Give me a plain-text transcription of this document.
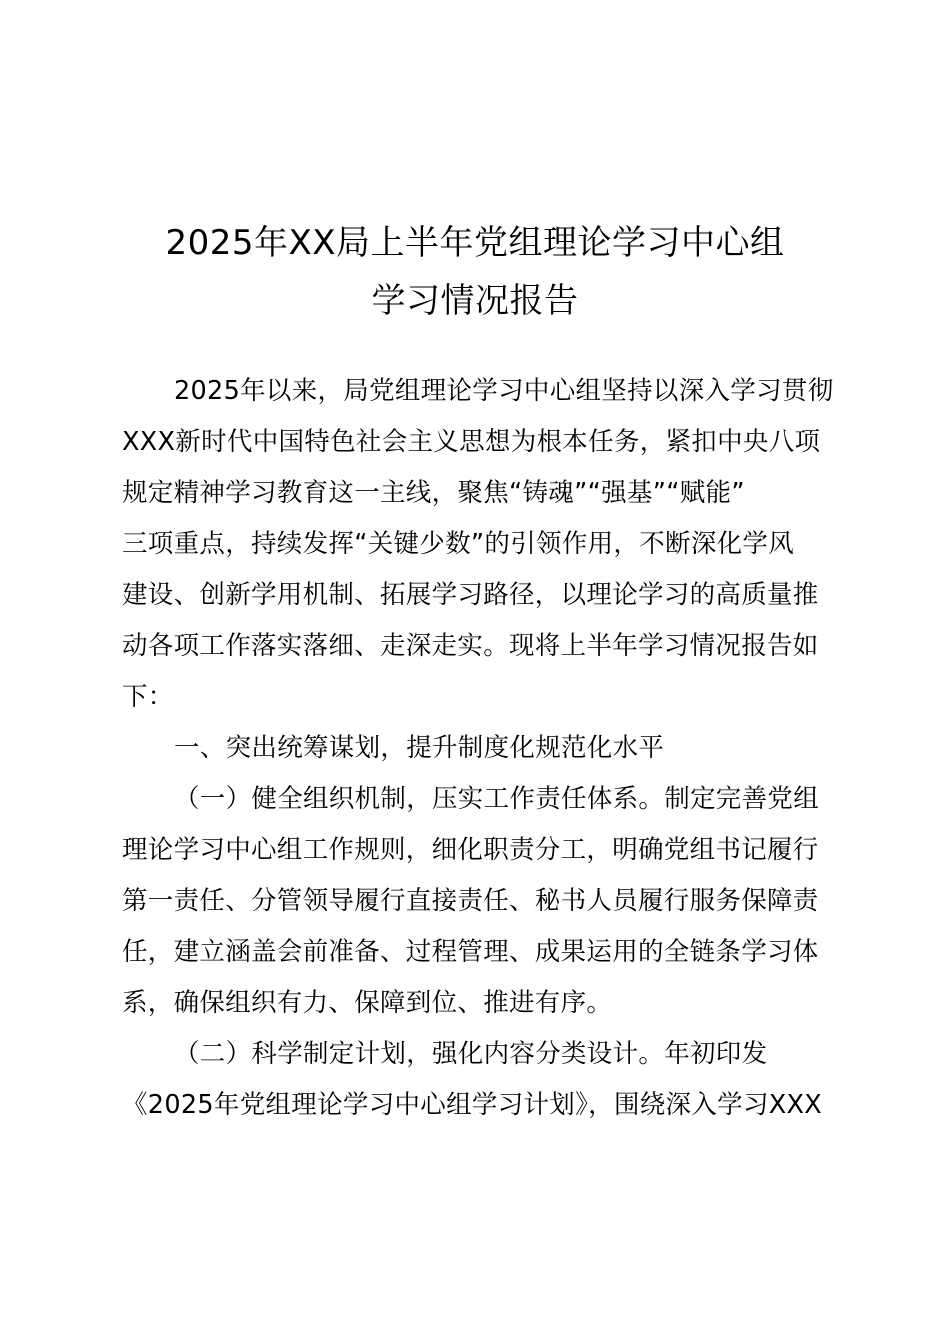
2025年XX局上半年党组理论学习中心组
学习情况报告
2025年以来，局党组理论学习中心组坚持以深入学习贯彻
XXX新时代中国特色社会主义思想为根本任务，紧扣中央八项
规定精神学习教育这一主线，聚焦“铸魂”“强基”“赋能”
三项重点，持续发挥“关键少数”的引领作用，不断深化学风
建设、创新学用机制、拓展学习路径，以理论学习的高质量推
动各项工作落实落细、走深走实。现将上半年学习情况报告如
下：
一、突出统筹谋划，提升制度化规范化水平
（一）健全组织机制，压实工作责任体系。制定完善党组
理论学习中心组工作规则，细化职责分工，明确党组书记履行
第一责任、分管领导履行直接责任、秘书人员履行服务保障责
任，建立涵盖会前准备、过程管理、成果运用的全链条学习体
系，确保组织有力、保障到位、推进有序。
（二）科学制定计划，强化内容分类设计。年初印发
《2025年党组理论学习中心组学习计划》，围绕深入学习XXX
